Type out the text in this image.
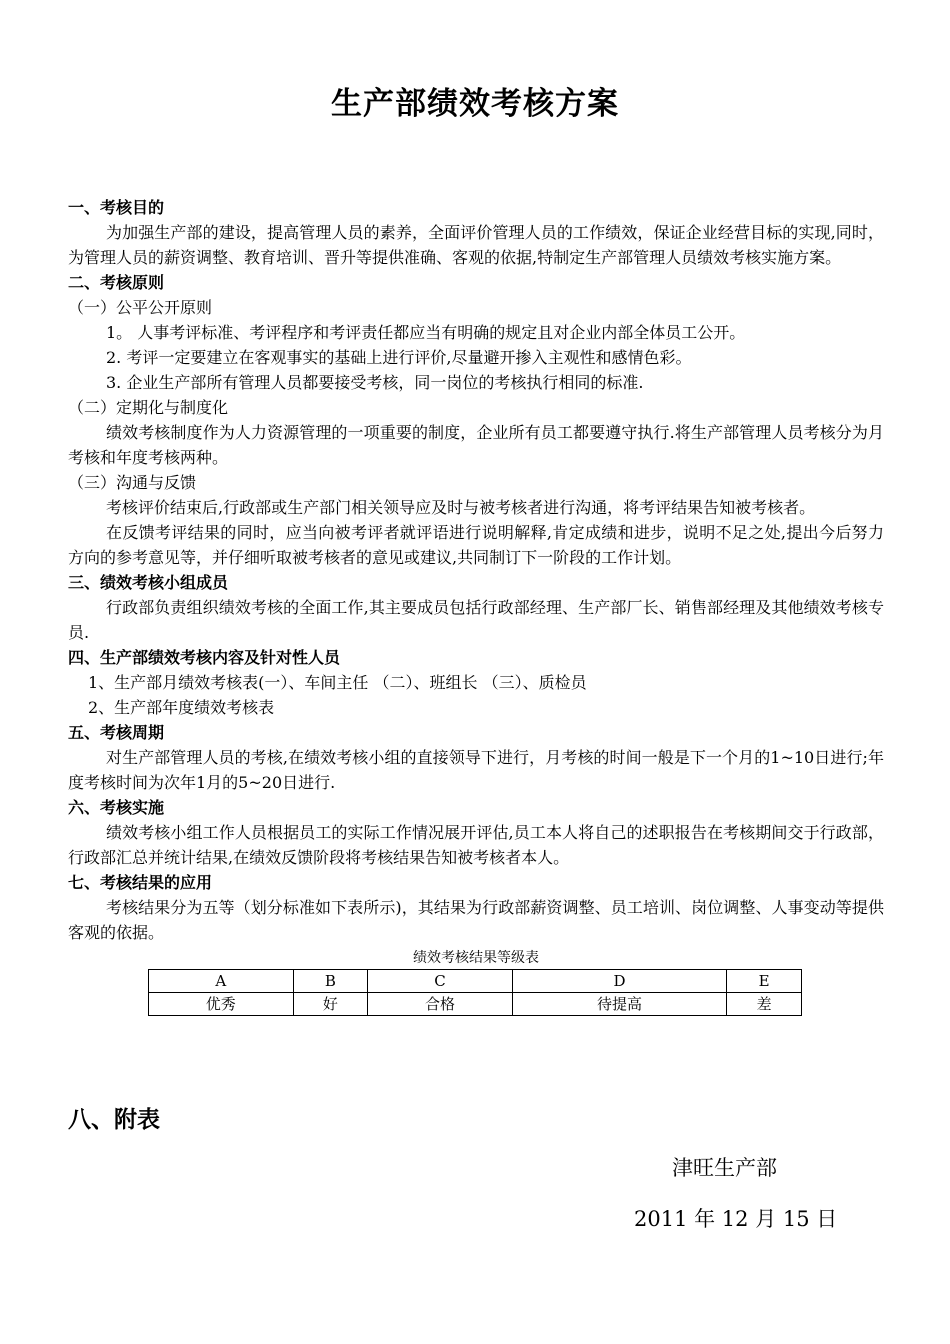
生产部绩效考核方案
一、考核目的
为加强生产部的建设，提高管理人员的素养，全面评价管理人员的工作绩效，保证企业经营目标的实现,同时，为管理人员的薪资调整、教育培训、晋升等提供准确、客观的依据,特制定生产部管理人员绩效考核实施方案。
二、考核原则
（一）公平公开原则
1。 人事考评标准、考评程序和考评责任都应当有明确的规定且对企业内部全体员工公开。
2. 考评一定要建立在客观事实的基础上进行评价,尽量避开掺入主观性和感情色彩。
3. 企业生产部所有管理人员都要接受考核，同一岗位的考核执行相同的标准.
（二）定期化与制度化
绩效考核制度作为人力资源管理的一项重要的制度，企业所有员工都要遵守执行.将生产部管理人员考核分为月考核和年度考核两种。
（三）沟通与反馈
考核评价结束后,行政部或生产部门相关领导应及时与被考核者进行沟通，将考评结果告知被考核者。
在反馈考评结果的同时，应当向被考评者就评语进行说明解释,肯定成绩和进步，说明不足之处,提出今后努力方向的参考意见等，并仔细听取被考核者的意见或建议,共同制订下一阶段的工作计划。
三、绩效考核小组成员
行政部负责组织绩效考核的全面工作,其主要成员包括行政部经理、生产部厂长、销售部经理及其他绩效考核专员.
四、生产部绩效考核内容及针对性人员
1、生产部月绩效考核表(一）、车间主任 （二）、班组长 （三）、质检员
2、生产部年度绩效考核表
五、考核周期
对生产部管理人员的考核,在绩效考核小组的直接领导下进行，月考核的时间一般是下一个月的1~10日进行;年度考核时间为次年1月的5~20日进行.
六、考核实施
绩效考核小组工作人员根据员工的实际工作情况展开评估,员工本人将自己的述职报告在考核期间交于行政部，行政部汇总并统计结果,在绩效反馈阶段将考核结果告知被考核者本人。
七、考核结果的应用
考核结果分为五等（划分标准如下表所示)，其结果为行政部薪资调整、员工培训、岗位调整、人事变动等提供客观的依据。
绩效考核结果等级表
A	B	C	D	E
优秀	好	合格	待提高	差
八、附表
津旺生产部
2011 年 12 月 15 日
